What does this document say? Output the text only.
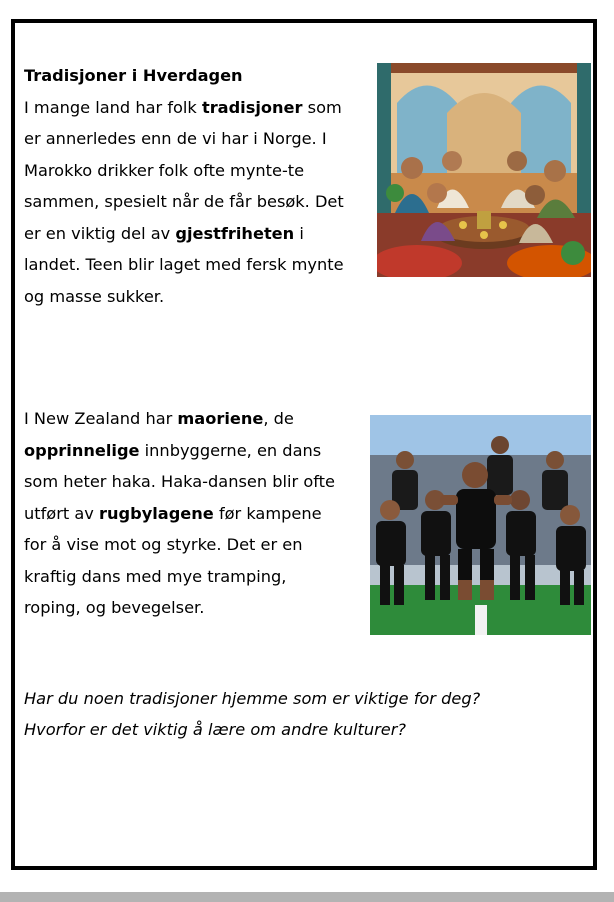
Tradisjoner i Hverdagen
I mange land har folk tradisjoner som
er annerledes enn de vi har i Norge. I
Marokko drikker folk ofte mynte-te
sammen, spesielt når de får besøk. Det
er en viktig del av gjestfriheten i
landet. Teen blir laget med fersk mynte
og masse sukker.
I New Zealand har maoriene, de
opprinnelige innbyggerne, en dans
som heter haka. Haka-dansen blir ofte
utført av rugbylagene før kampene
for å vise mot og styrke. Det er en
kraftig dans med mye tramping,
roping, og bevegelser.
Har du noen tradisjoner hjemme som er viktige for deg?
Hvorfor er det viktig å lære om andre kulturer?
